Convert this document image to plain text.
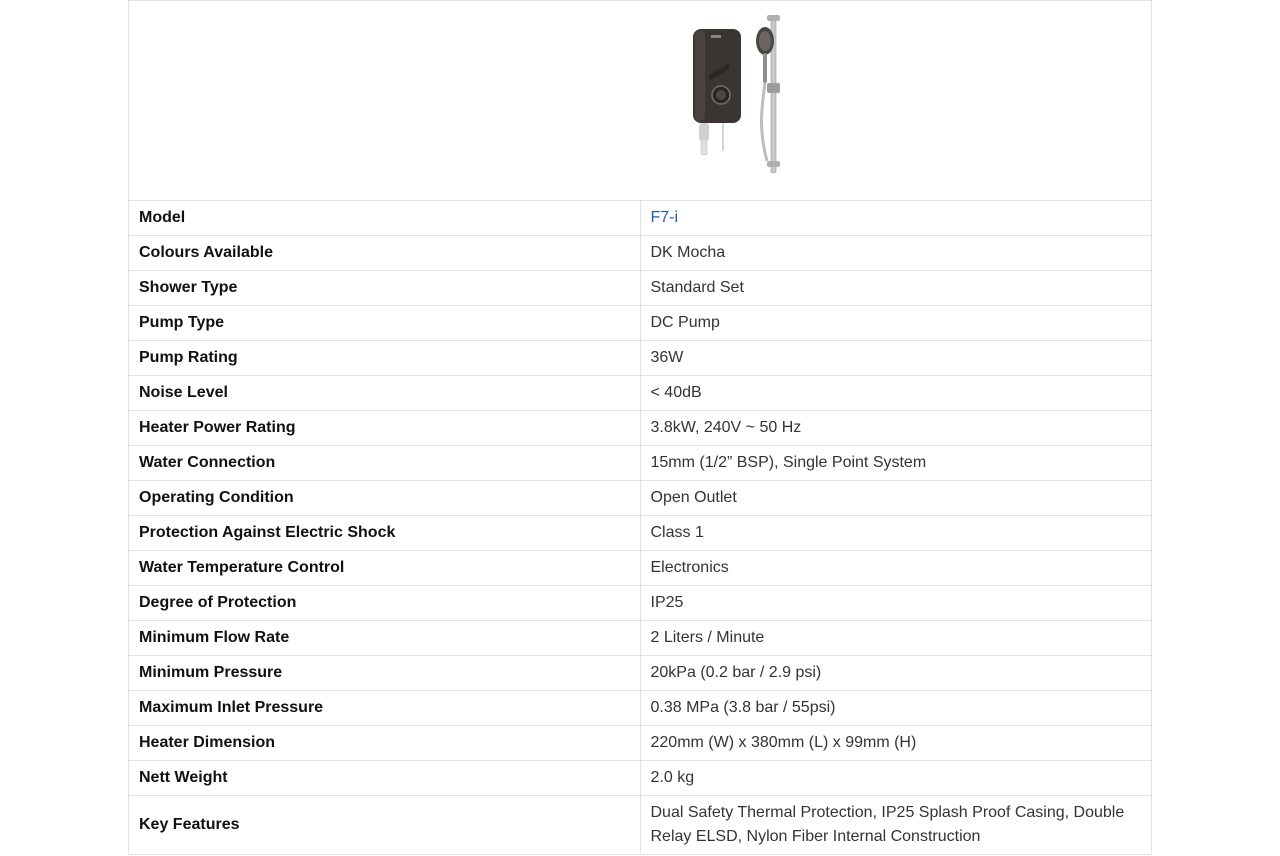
Model	F7-i
Colours Available	DK Mocha
Shower Type	Standard Set
Pump Type	DC Pump
Pump Rating	36W
Noise Level	< 40dB
Heater Power Rating	3.8kW, 240V ~ 50 Hz
Water Connection	15mm (1/2” BSP), Single Point System
Operating Condition	Open Outlet
Protection Against Electric Shock	Class 1
Water Temperature Control	Electronics
Degree of Protection	IP25
Minimum Flow Rate	2 Liters / Minute
Minimum Pressure	20kPa (0.2 bar / 2.9 psi)
Maximum Inlet Pressure	0.38 MPa (3.8 bar / 55psi)
Heater Dimension	220mm (W) x 380mm (L) x 99mm (H)
Nett Weight	2.0 kg
Key Features	Dual Safety Thermal Protection, IP25 Splash Proof Casing, Double Relay ELSD, Nylon Fiber Internal Construction
